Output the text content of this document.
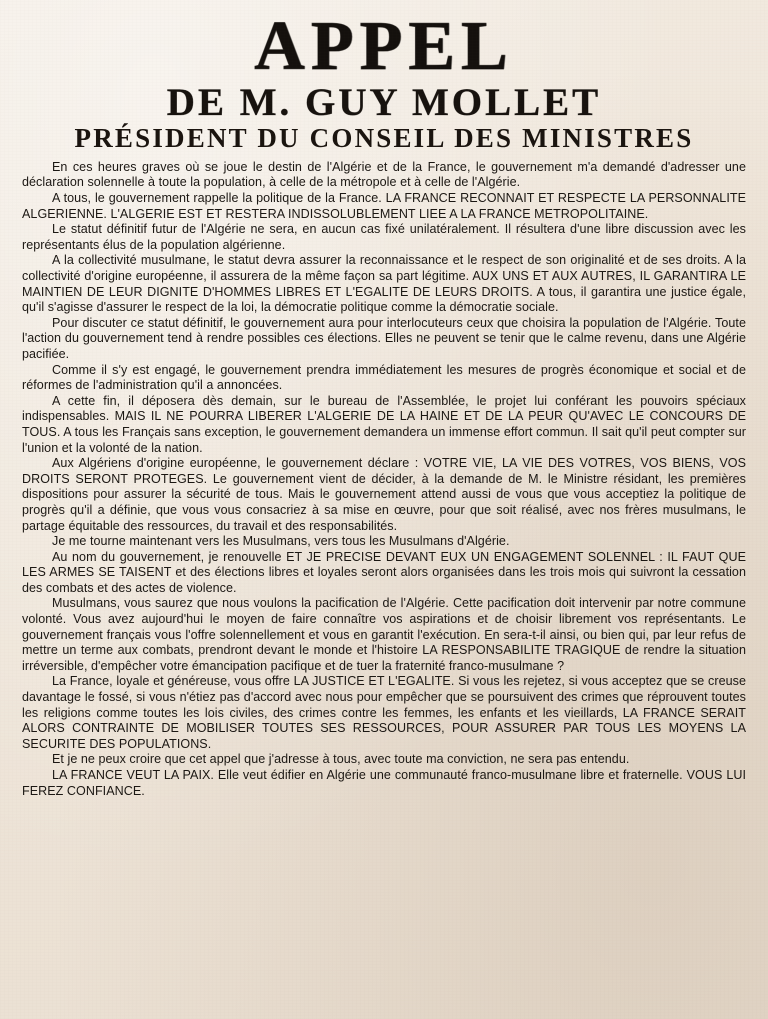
APPEL
DE M. GUY MOLLET
PRÉSIDENT DU CONSEIL DES MINISTRES

En ces heures graves où se joue le destin de l'Algérie et de la France, le gouvernement m'a demandé d'adresser une déclaration solennelle à toute la population, à celle de la métropole et à celle de l'Algérie.

A tous, le gouvernement rappelle la politique de la France. LA FRANCE RECONNAIT ET RESPECTE LA PERSONNALITE ALGERIENNE. L'ALGERIE EST ET RESTERA INDISSOLUBLEMENT LIEE A LA FRANCE METROPOLITAINE.

Le statut définitif futur de l'Algérie ne sera, en aucun cas fixé unilatéralement. Il résultera d'une libre discussion avec les représentants élus de la population algérienne.

A la collectivité musulmane, le statut devra assurer la reconnaissance et le respect de son originalité et de ses droits. A la collectivité d'origine européenne, il assurera de la même façon sa part légitime. AUX UNS ET AUX AUTRES, IL GARANTIRA LE MAINTIEN DE LEUR DIGNITE D'HOMMES LIBRES ET L'EGALITE DE LEURS DROITS. A tous, il garantira une justice égale, qu'il s'agisse d'assurer le respect de la loi, la démocratie politique comme la démocratie sociale.

Pour discuter ce statut définitif, le gouvernement aura pour interlocuteurs ceux que choisira la population de l'Algérie. Toute l'action du gouvernement tend à rendre possibles ces élections. Elles ne peuvent se tenir que le calme revenu, dans une Algérie pacifiée.

Comme il s'y est engagé, le gouvernement prendra immédiatement les mesures de progrès économique et social et de réformes de l'administration qu'il a annoncées.

A cette fin, il déposera dès demain, sur le bureau de l'Assemblée, le projet lui conférant les pouvoirs spéciaux indispensables. MAIS IL NE POURRA LIBERER L'ALGERIE DE LA HAINE ET DE LA PEUR QU'AVEC LE CONCOURS DE TOUS. A tous les Français sans exception, le gouvernement demandera un immense effort commun. Il sait qu'il peut compter sur l'union et la volonté de la nation.

Aux Algériens d'origine européenne, le gouvernement déclare : VOTRE VIE, LA VIE DES VOTRES, VOS BIENS, VOS DROITS SERONT PROTEGES. Le gouvernement vient de décider, à la demande de M. le Ministre résidant, les premières dispositions pour assurer la sécurité de tous. Mais le gouvernement attend aussi de vous que vous acceptiez la politique de progrès qu'il a définie, que vous vous consacriez à sa mise en œuvre, pour que soit réalisé, avec nos frères musulmans, le partage équitable des ressources, du travail et des responsabilités.

Je me tourne maintenant vers les Musulmans, vers tous les Musulmans d'Algérie.

Au nom du gouvernement, je renouvelle ET JE PRECISE DEVANT EUX UN ENGAGEMENT SOLENNEL : IL FAUT QUE LES ARMES SE TAISENT et des élections libres et loyales seront alors organisées dans les trois mois qui suivront la cessation des combats et des actes de violence.

Musulmans, vous saurez que nous voulons la pacification de l'Algérie. Cette pacification doit intervenir par notre commune volonté. Vous avez aujourd'hui le moyen de faire connaître vos aspirations et de choisir librement vos représentants. Le gouvernement français vous l'offre solennellement et vous en garantit l'exécution. En sera-t-il ainsi, ou bien qui, par leur refus de mettre un terme aux combats, prendront devant le monde et l'histoire LA RESPONSABILITE TRAGIQUE de rendre la situation irréversible, d'empêcher votre émancipation pacifique et de tuer la fraternité franco-musulmane ?

La France, loyale et généreuse, vous offre LA JUSTICE ET L'EGALITE. Si vous les rejetez, si vous acceptez que se creuse davantage le fossé, si vous n'étiez pas d'accord avec nous pour empêcher que se poursuivent des crimes que réprouvent toutes les religions comme toutes les lois civiles, des crimes contre les femmes, les enfants et les vieillards, LA FRANCE SERAIT ALORS CONTRAINTE DE MOBILISER TOUTES SES RESSOURCES, POUR ASSURER PAR TOUS LES MOYENS LA SECURITE DES POPULATIONS.

Et je ne peux croire que cet appel que j'adresse à tous, avec toute ma conviction, ne sera pas entendu.

LA FRANCE VEUT LA PAIX. Elle veut édifier en Algérie une communauté franco-musulmane libre et fraternelle. VOUS LUI FEREZ CONFIANCE.
